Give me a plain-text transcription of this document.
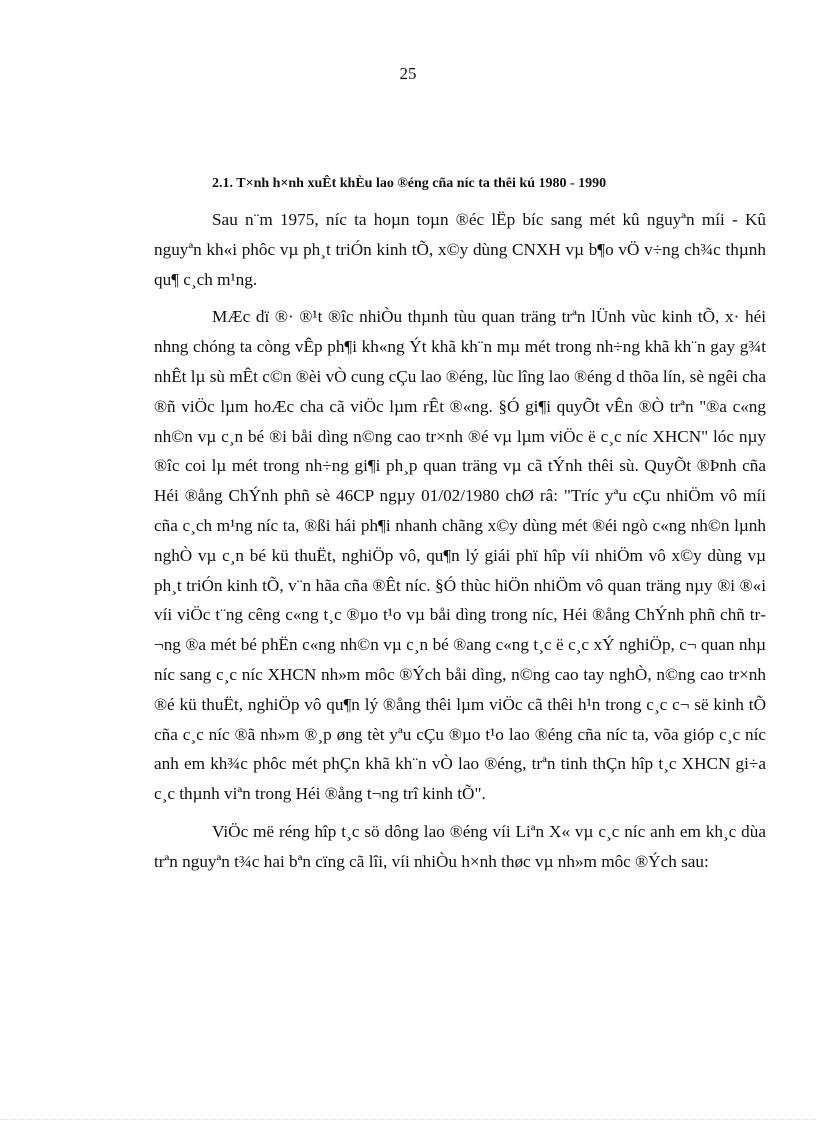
25
2.1. T×nh h×nh xuÊt khÈu lao ®éng cña níc ta thêi kú 1980 - 1990

Sau n¨m 1975, níc ta hoµn toµn ®éc lËp bíc sang mét kû nguyªn míi - Kû nguyªn kh«i phôc vµ ph¸t triÓn kinh tÕ, x©y dùng CNXH vµ b¶o vÖ v÷ng ch¾c thµnh qu¶ c¸ch m¹ng.

MÆc dï ®· ®¹t ®îc nhiÒu thµnh tùu quan träng trªn lÜnh vùc kinh tÕ, x· héi nhng chóng ta còng vÊp ph¶i kh«ng Ýt khã kh¨n mµ mét trong nh÷ng khã kh¨n gay g¾t nhÊt lµ sù mÊt c©n ®èi vÒ cung cÇu lao ®éng, lùc lîng lao ®éng d thõa lín, sè ngêi cha ®ñ viÖc lµm hoÆc cha cã viÖc lµm rÊt ®«ng. §Ó gi¶i quyÕt vÊn ®Ò trªn "®a c«ng nh©n vµ c¸n bé ®i båi dìng n©ng cao tr×nh ®é vµ lµm viÖc ë c¸c níc XHCN" lóc nµy ®îc coi lµ mét trong nh÷ng gi¶i ph¸p quan träng vµ cã tÝnh thêi sù. QuyÕt ®Þnh cña Héi ®ång ChÝnh phñ sè 46CP ngµy 01/02/1980 chØ râ: "Tríc yªu cÇu nhiÖm vô míi cña c¸ch m¹ng níc ta, ®ßi hái ph¶i nhanh chãng x©y dùng mét ®éi ngò c«ng nh©n lµnh nghÒ vµ c¸n bé kü thuËt, nghiÖp vô, qu¶n lý giái phï hîp víi nhiÖm vô x©y dùng vµ ph¸t triÓn kinh tÕ, v¨n hãa cña ®Êt níc. §Ó thùc hiÖn nhiÖm vô quan träng nµy ®i ®«i víi viÖc t¨ng cêng c«ng t¸c ®µo t¹o vµ båi dìng trong níc, Héi ®ång ChÝnh phñ chñ tr¬ng ®a mét bé phËn c«ng nh©n vµ c¸n bé ®ang c«ng t¸c ë c¸c xÝ nghiÖp, c¬ quan nhµ níc sang c¸c níc XHCN nh»m môc ®Ých båi dìng, n©ng cao tay nghÒ, n©ng cao tr×nh ®é kü thuËt, nghiÖp vô qu¶n lý ®ång thêi lµm viÖc cã thêi h¹n trong c¸c c¬ së kinh tÕ cña c¸c níc ®ã nh»m ®¸p øng tèt yªu cÇu ®µo t¹o lao ®éng cña níc ta, võa gióp c¸c níc anh em kh¾c phôc mét phÇn khã kh¨n vÒ lao ®éng, trªn tinh thÇn hîp t¸c XHCN gi÷a c¸c thµnh viªn trong Héi ®ång t¬ng trî kinh tÕ".

ViÖc më réng hîp t¸c sö dông lao ®éng víi Liªn X« vµ c¸c níc anh em kh¸c dùa trªn nguyªn t¾c hai bªn cïng cã lîi, víi nhiÒu h×nh thøc vµ nh»m môc ®Ých sau:
